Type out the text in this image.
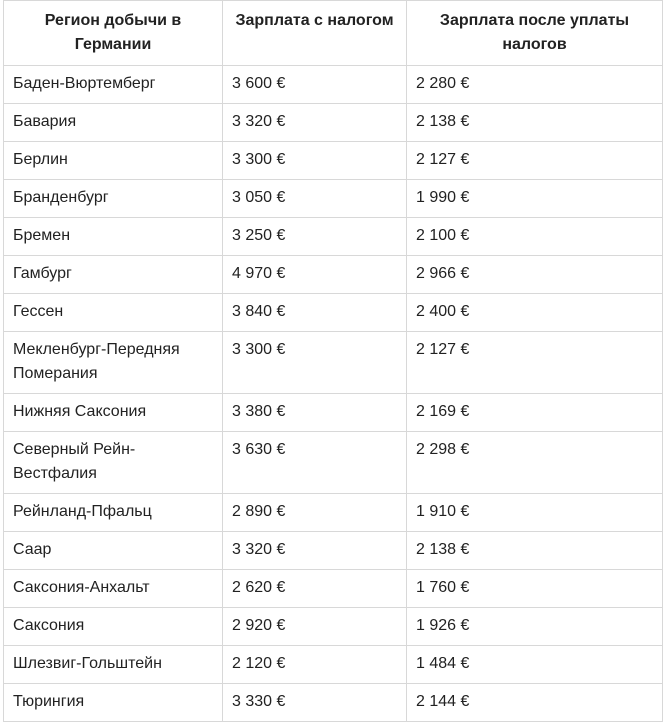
Регион добычи в Германии	Зарплата с налогом	Зарплата после уплаты налогов
Баден-Вюртемберг	3 600 €	2 280 €
Бавария	3 320 €	2 138 €
Берлин	3 300 €	2 127 €
Бранденбург	3 050 €	1 990 €
Бремен	3 250 €	2 100 €
Гамбург	4 970 €	2 966 €
Гессен	3 840 €	2 400 €
Мекленбург-Передняя Померания	3 300 €	2 127 €
Нижняя Саксония	3 380 €	2 169 €
Северный Рейн-Вестфалия	3 630 €	2 298 €
Рейнланд-Пфальц	2 890 €	1 910 €
Саар	3 320 €	2 138 €
Саксония-Анхальт	2 620 €	1 760 €
Саксония	2 920 €	1 926 €
Шлезвиг-Гольштейн	2 120 €	1 484 €
Тюрингия	3 330 €	2 144 €
